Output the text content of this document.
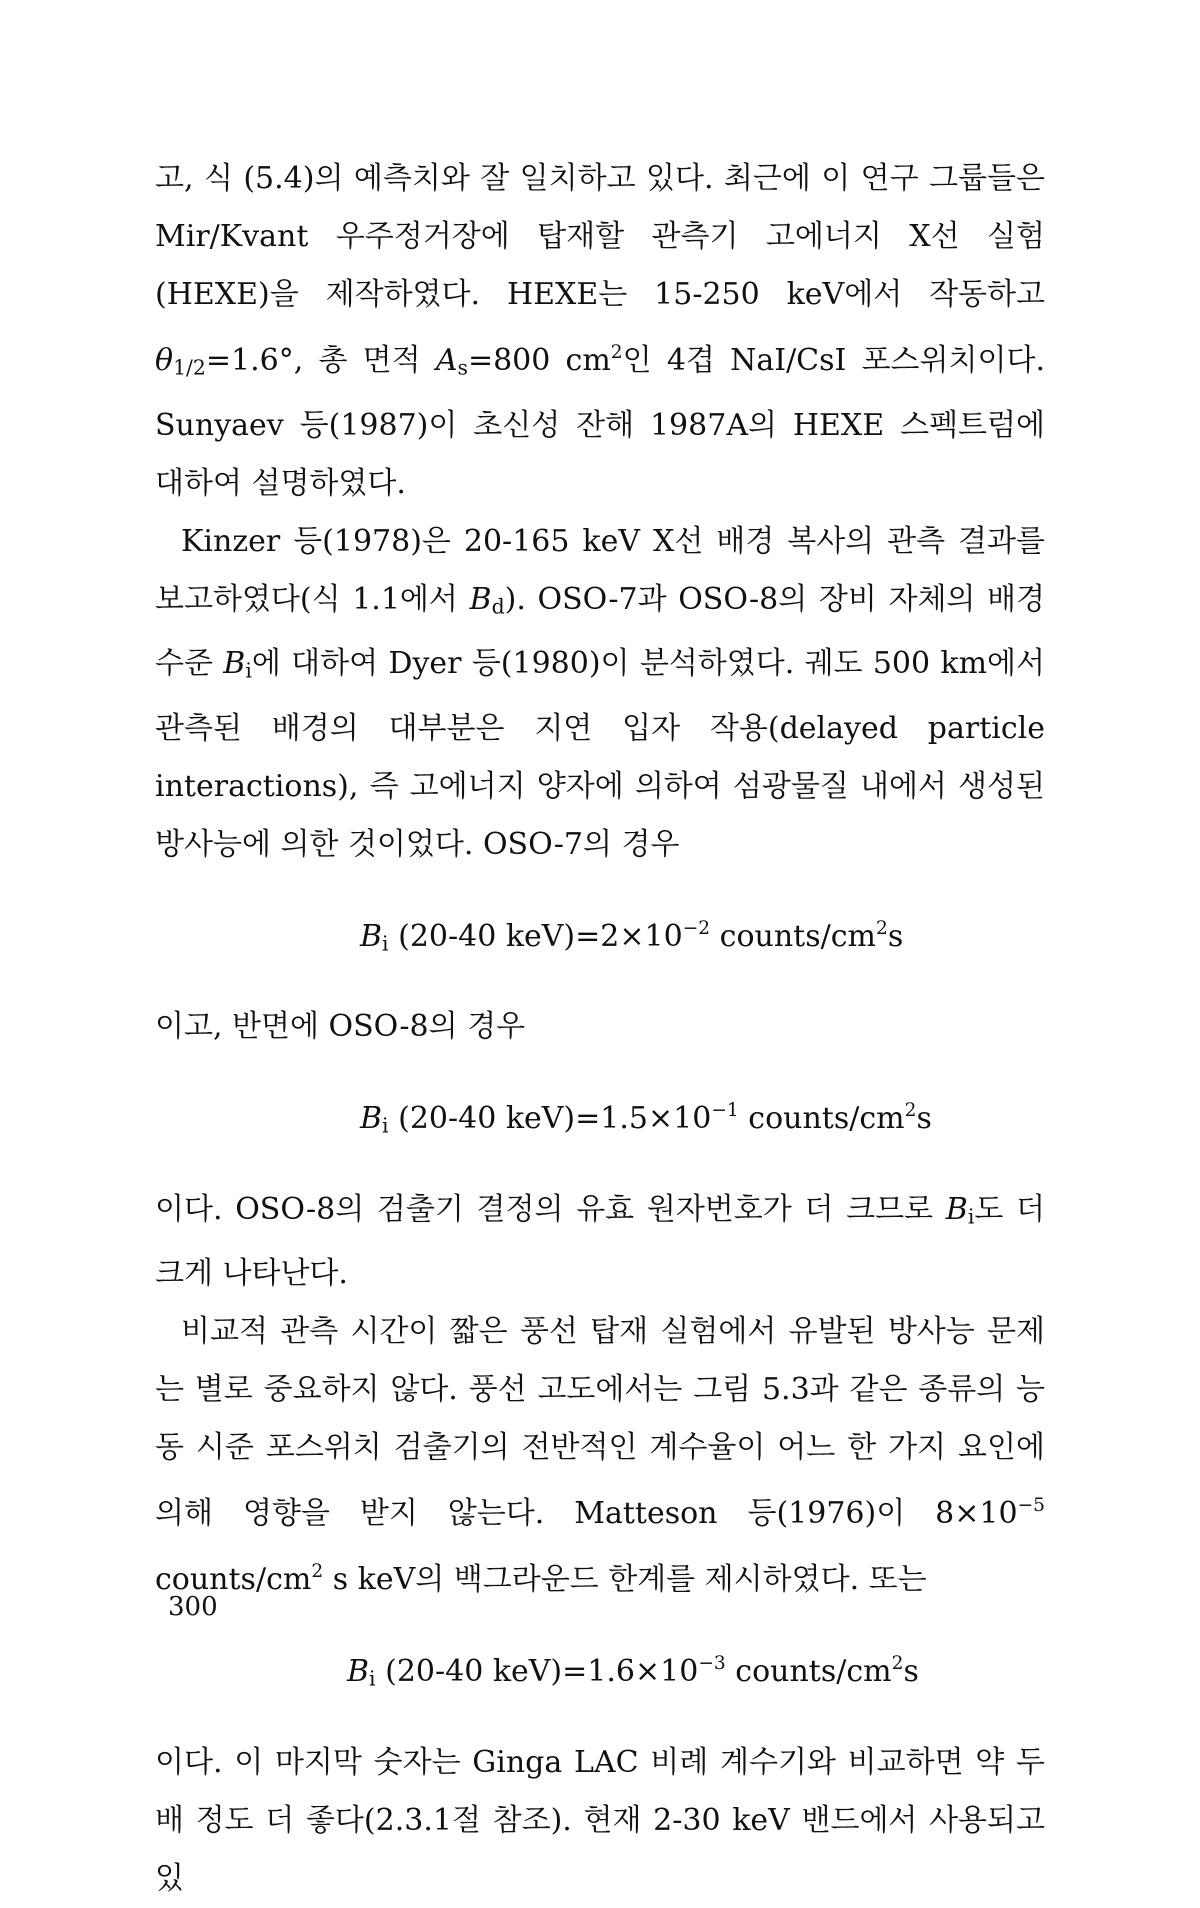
고, 식 (5.4)의 예측치와 잘 일치하고 있다. 최근에 이 연구 그룹들은 Mir/Kvant 우주정거장에 탑재할 관측기 고에너지 X선 실험(HEXE)을 제작하였다. HEXE는 15-250 keV에서 작동하고 $\theta_{1/2}=1.6^\circ$, 총 면적 $A_s=800$ $cm^2$인 4겹 NaI/CsI 포스위치이다. Sunyaev 등(1987)이 초신성 잔해 1987A의 HEXE 스펙트럼에 대하여 설명하였다.

Kinzer 등(1978)은 20-165 keV X선 배경 복사의 관측 결과를 보고하였다(식 1.1에서 $B_d$). OSO-7과 OSO-8의 장비 자체의 배경 수준 $B_i$에 대하여 Dyer 등(1980)이 분석하였다. 궤도 500 km에서 관측된 배경의 대부분은 지연 입자 작용(delayed particle interactions), 즉 고에너지 양자에 의하여 섬광물질 내에서 생성된 방사능에 의한 것이었다. OSO-7의 경우

$B_i$ (20-40 $keV)=2\times 10^{-2}$ counts/$cm^2s$

이고, 반면에 OSO-8의 경우

$B_i$ (20-40 $keV)=1.5\times 10^{-1}$ counts/$cm^2s$

이다. OSO-8의 검출기 결정의 유효 원자번호가 더 크므로 $B_i$도 더 크게 나타난다.

비교적 관측 시간이 짧은 풍선 탑재 실험에서 유발된 방사능 문제는 별로 중요하지 않다. 풍선 고도에서는 그림 5.3과 같은 종류의 능동 시준 포스위치 검출기의 전반적인 계수율이 어느 한 가지 요인에 의해 영향을 받지 않는다. Matteson 등(1976)이 $8\times 10^{-5}$ counts/$cm^2$ s keV의 백그라운드 한계를 제시하였다. 또는

$B_i$ (20-40 $keV)=1.6\times 10^{-3}$ counts/$cm^2s$

이다. 이 마지막 숫자는 Ginga LAC 비례 계수기와 비교하면 약 두 배 정도 더 좋다(2.3.1절 참조). 현재 2-30 keV 밴드에서 사용되고 있

300
